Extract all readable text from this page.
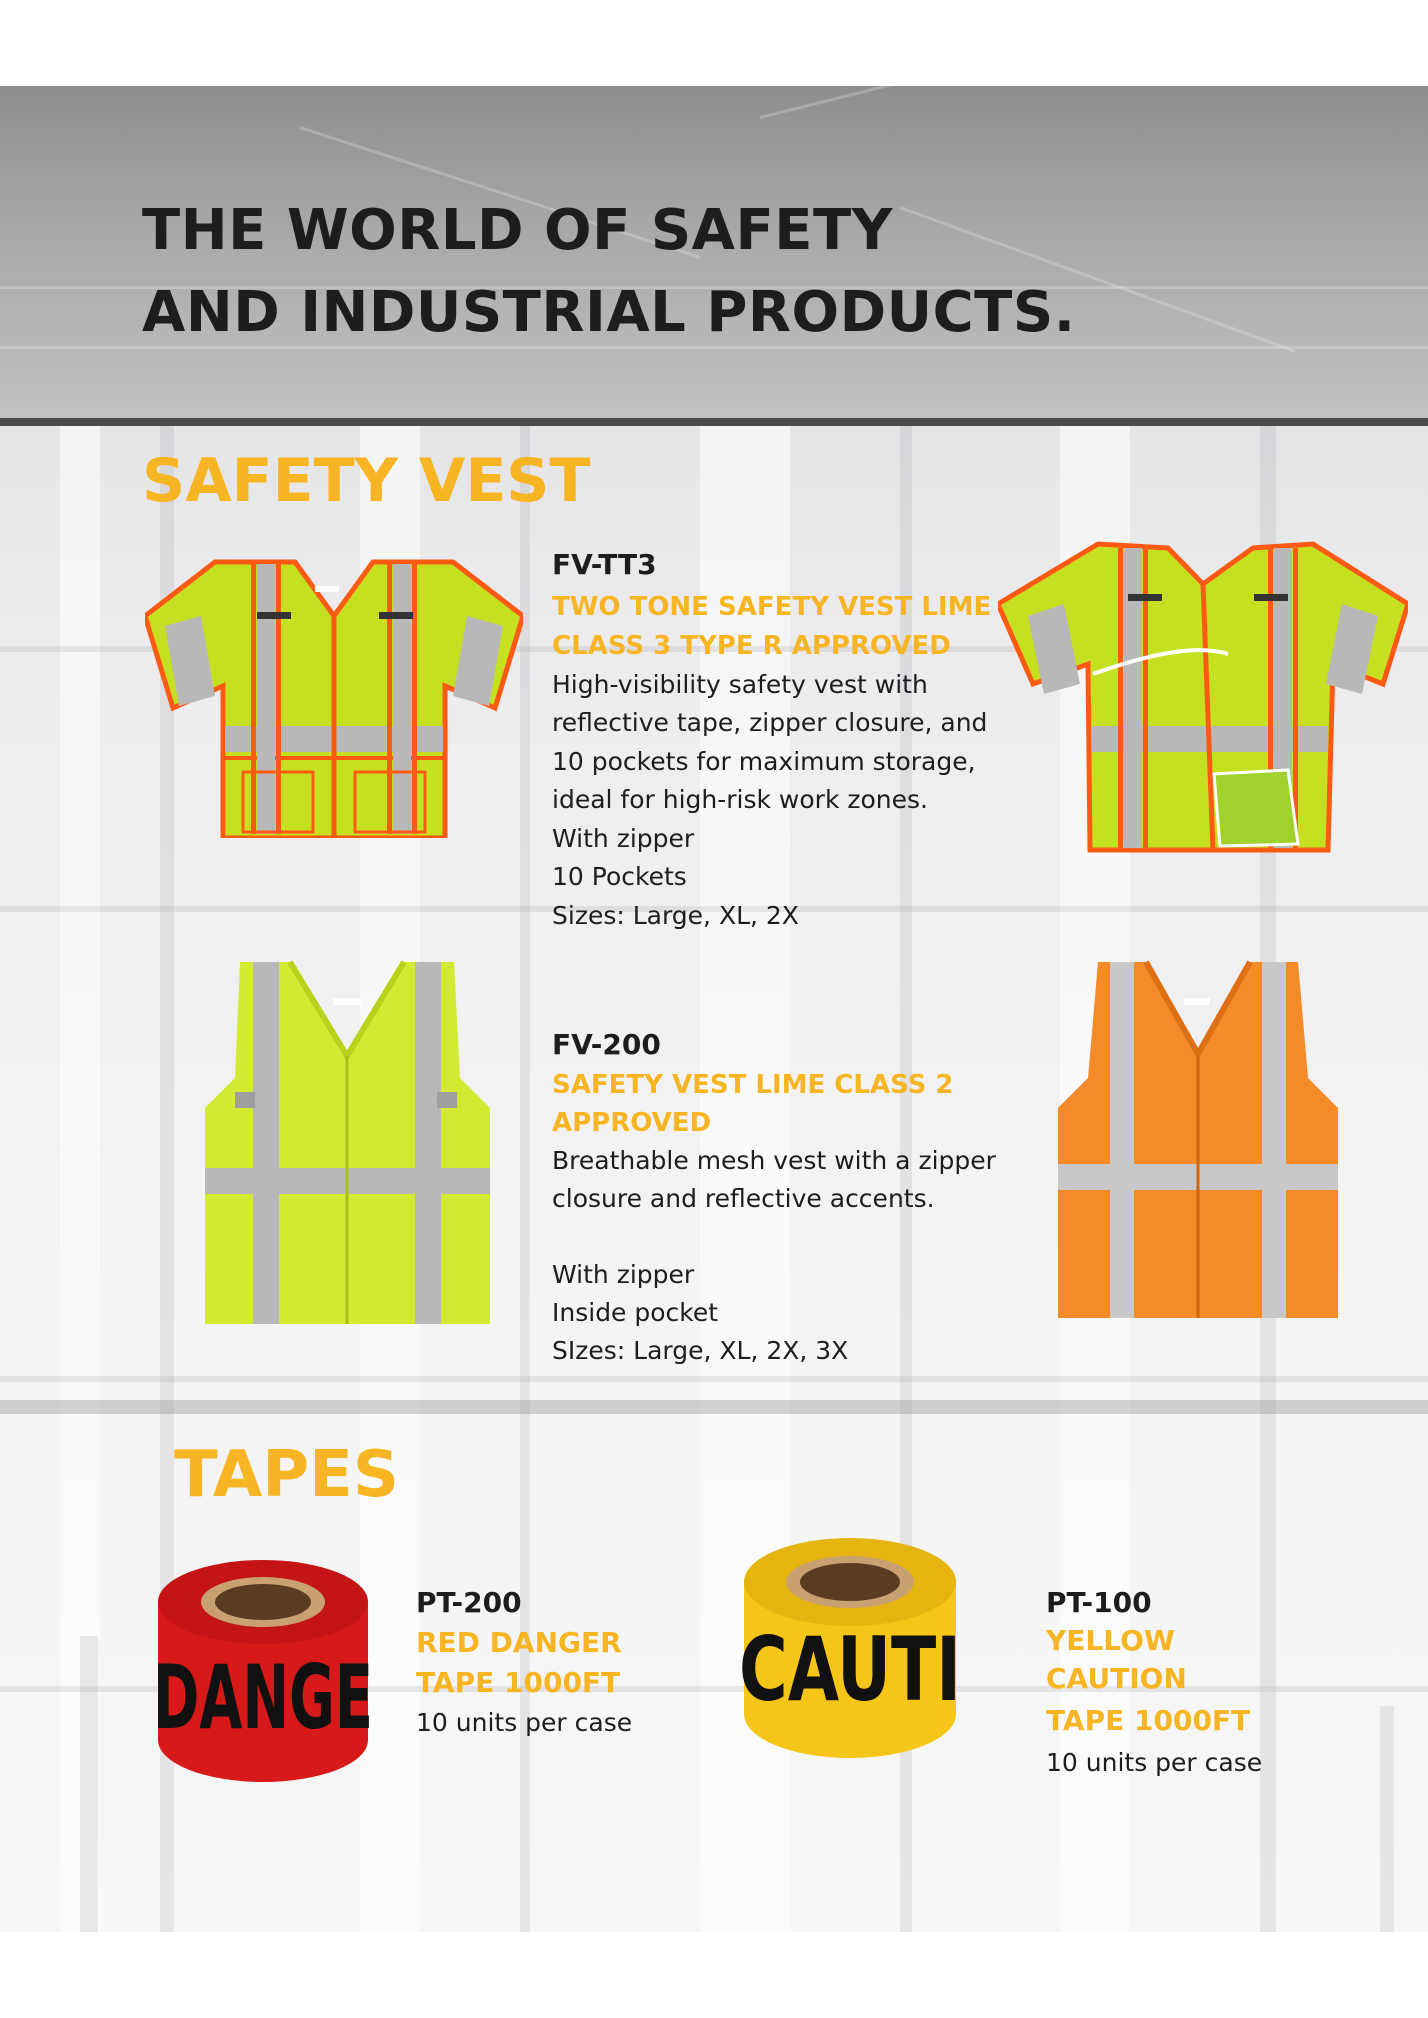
THE WORLD OF SAFETY
AND INDUSTRIAL PRODUCTS.
SAFETY VEST
FV-TT3
TWO TONE SAFETY VEST LIME
CLASS 3 TYPE R APPROVED
High-visibility safety vest with
reflective tape, zipper closure, and
10 pockets for maximum storage,
ideal for high-risk work zones.
With zipper
10 Pockets
Sizes: Large, XL, 2X
FV-200
SAFETY VEST LIME CLASS 2
APPROVED
Breathable mesh vest with a zipper
closure and reflective accents.
With zipper
Inside pocket
SIzes: Large, XL, 2X, 3X
TAPES
DANGE
PT-200
RED DANGER
TAPE 1000FT
10 units per case
CAUTI
PT-100
YELLOW
CAUTION
TAPE 1000FT
10 units per case
